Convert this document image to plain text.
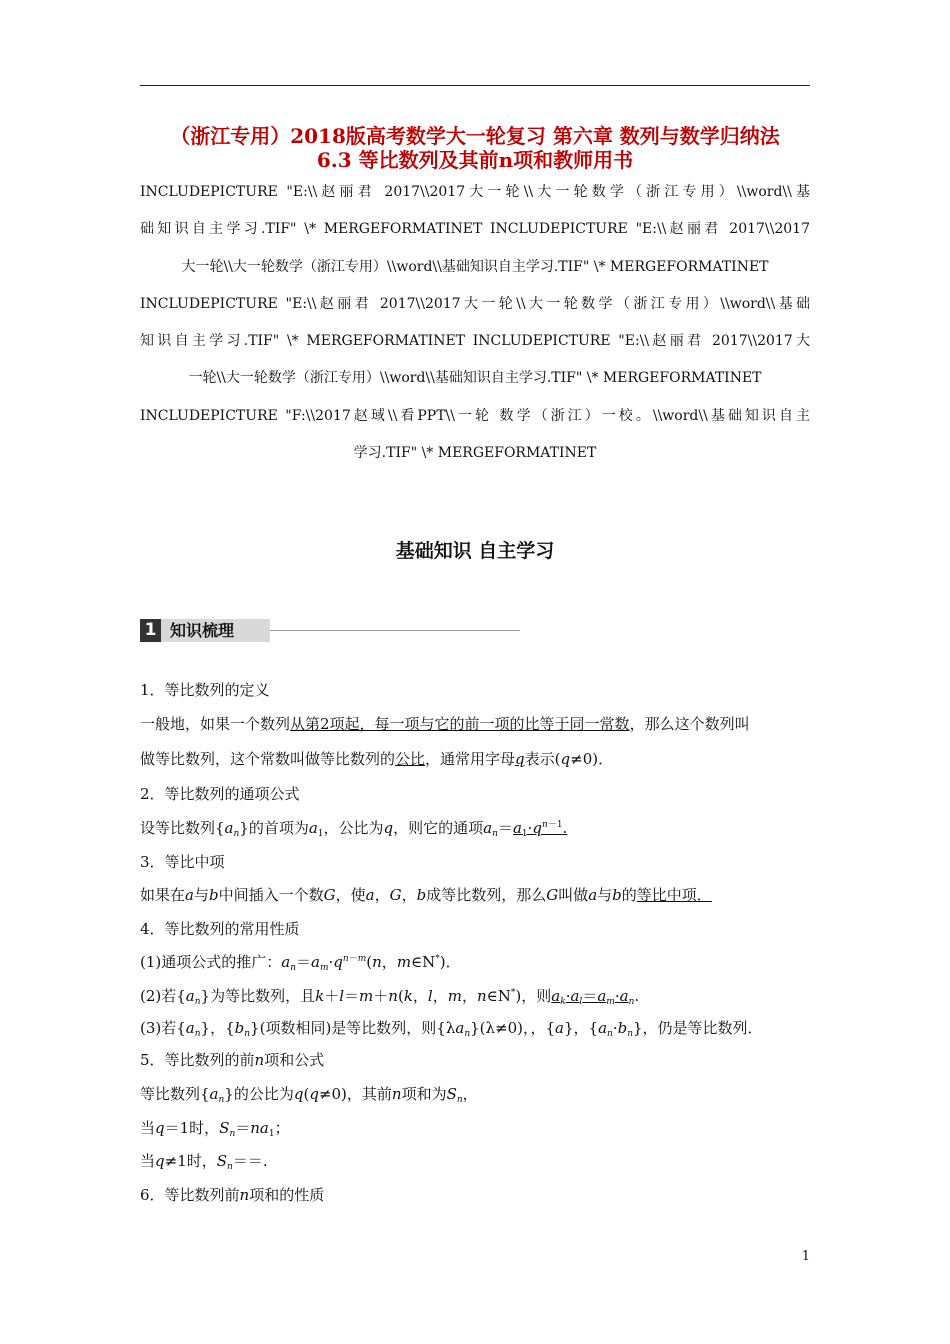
（浙江专用）2018版高考数学大一轮复习 第六章 数列与数学归纳法
6.3 等比数列及其前n项和教师用书
INCLUDEPICTURE "E:\\赵丽君 2017\\2017大一轮\\大一轮数学（浙江专用）\\word\\基
础知识自主学习.TIF" \* MERGEFORMATINET INCLUDEPICTURE "E:\\赵丽君 2017\\2017
大一轮\\大一轮数学（浙江专用）\\word\\基础知识自主学习.TIF" \* MERGEFORMATINET
INCLUDEPICTURE "E:\\赵丽君 2017\\2017大一轮\\大一轮数学（浙江专用）\\word\\基础
知识自主学习.TIF" \* MERGEFORMATINET INCLUDEPICTURE "E:\\赵丽君 2017\\2017大
一轮\\大一轮数学（浙江专用）\\word\\基础知识自主学习.TIF" \* MERGEFORMATINET
INCLUDEPICTURE "F:\\2017赵琙\\看PPT\\一轮 数学（浙江）一校。\\word\\基础知识自主
学习.TIF" \* MERGEFORMATINET
基础知识 自主学习
1 知识梳理
1．等比数列的定义
一般地，如果一个数列从第2项起，每一项与它的前一项的比等于同一常数，那么这个数列叫
做等比数列，这个常数叫做等比数列的公比，通常用字母q表示(q≠0)．
2．等比数列的通项公式
设等比数列$\{a_n\}$的首项为$a_1$，公比为q，则它的通项$a_n=a_1\cdot q^{n-1}$.
3．等比中项
如果在a与b中间插入一个数G，使a，G，b成等比数列，那么G叫做a与b的等比中项．
4．等比数列的常用性质
(1)通项公式的推广：$a_n=a_m\cdot q^{n-m}(n$，m∈N*)．
(2)若$\{a_n\}$为等比数列，且k＋l＝m＋n(k，l，m，n∈N*)，则$a_k\cdot a_l=a_m\cdot a_n$.
(3)若$\{a_n\}$，$\{b_n\}$(项数相同)是等比数列，则$\{\lambda a_n\}(\lambda\ne 0)$，，{a}，$\{a_n\cdot b_n\}$，仍是等比数列．
5．等比数列的前n项和公式
等比数列$\{a_n\}$的公比为q(q≠0)，其前n项和为$S_n$，
当q＝1时，$S_n=na_1$；
当q≠1时，$S_n==$.
6．等比数列前n项和的性质
1
